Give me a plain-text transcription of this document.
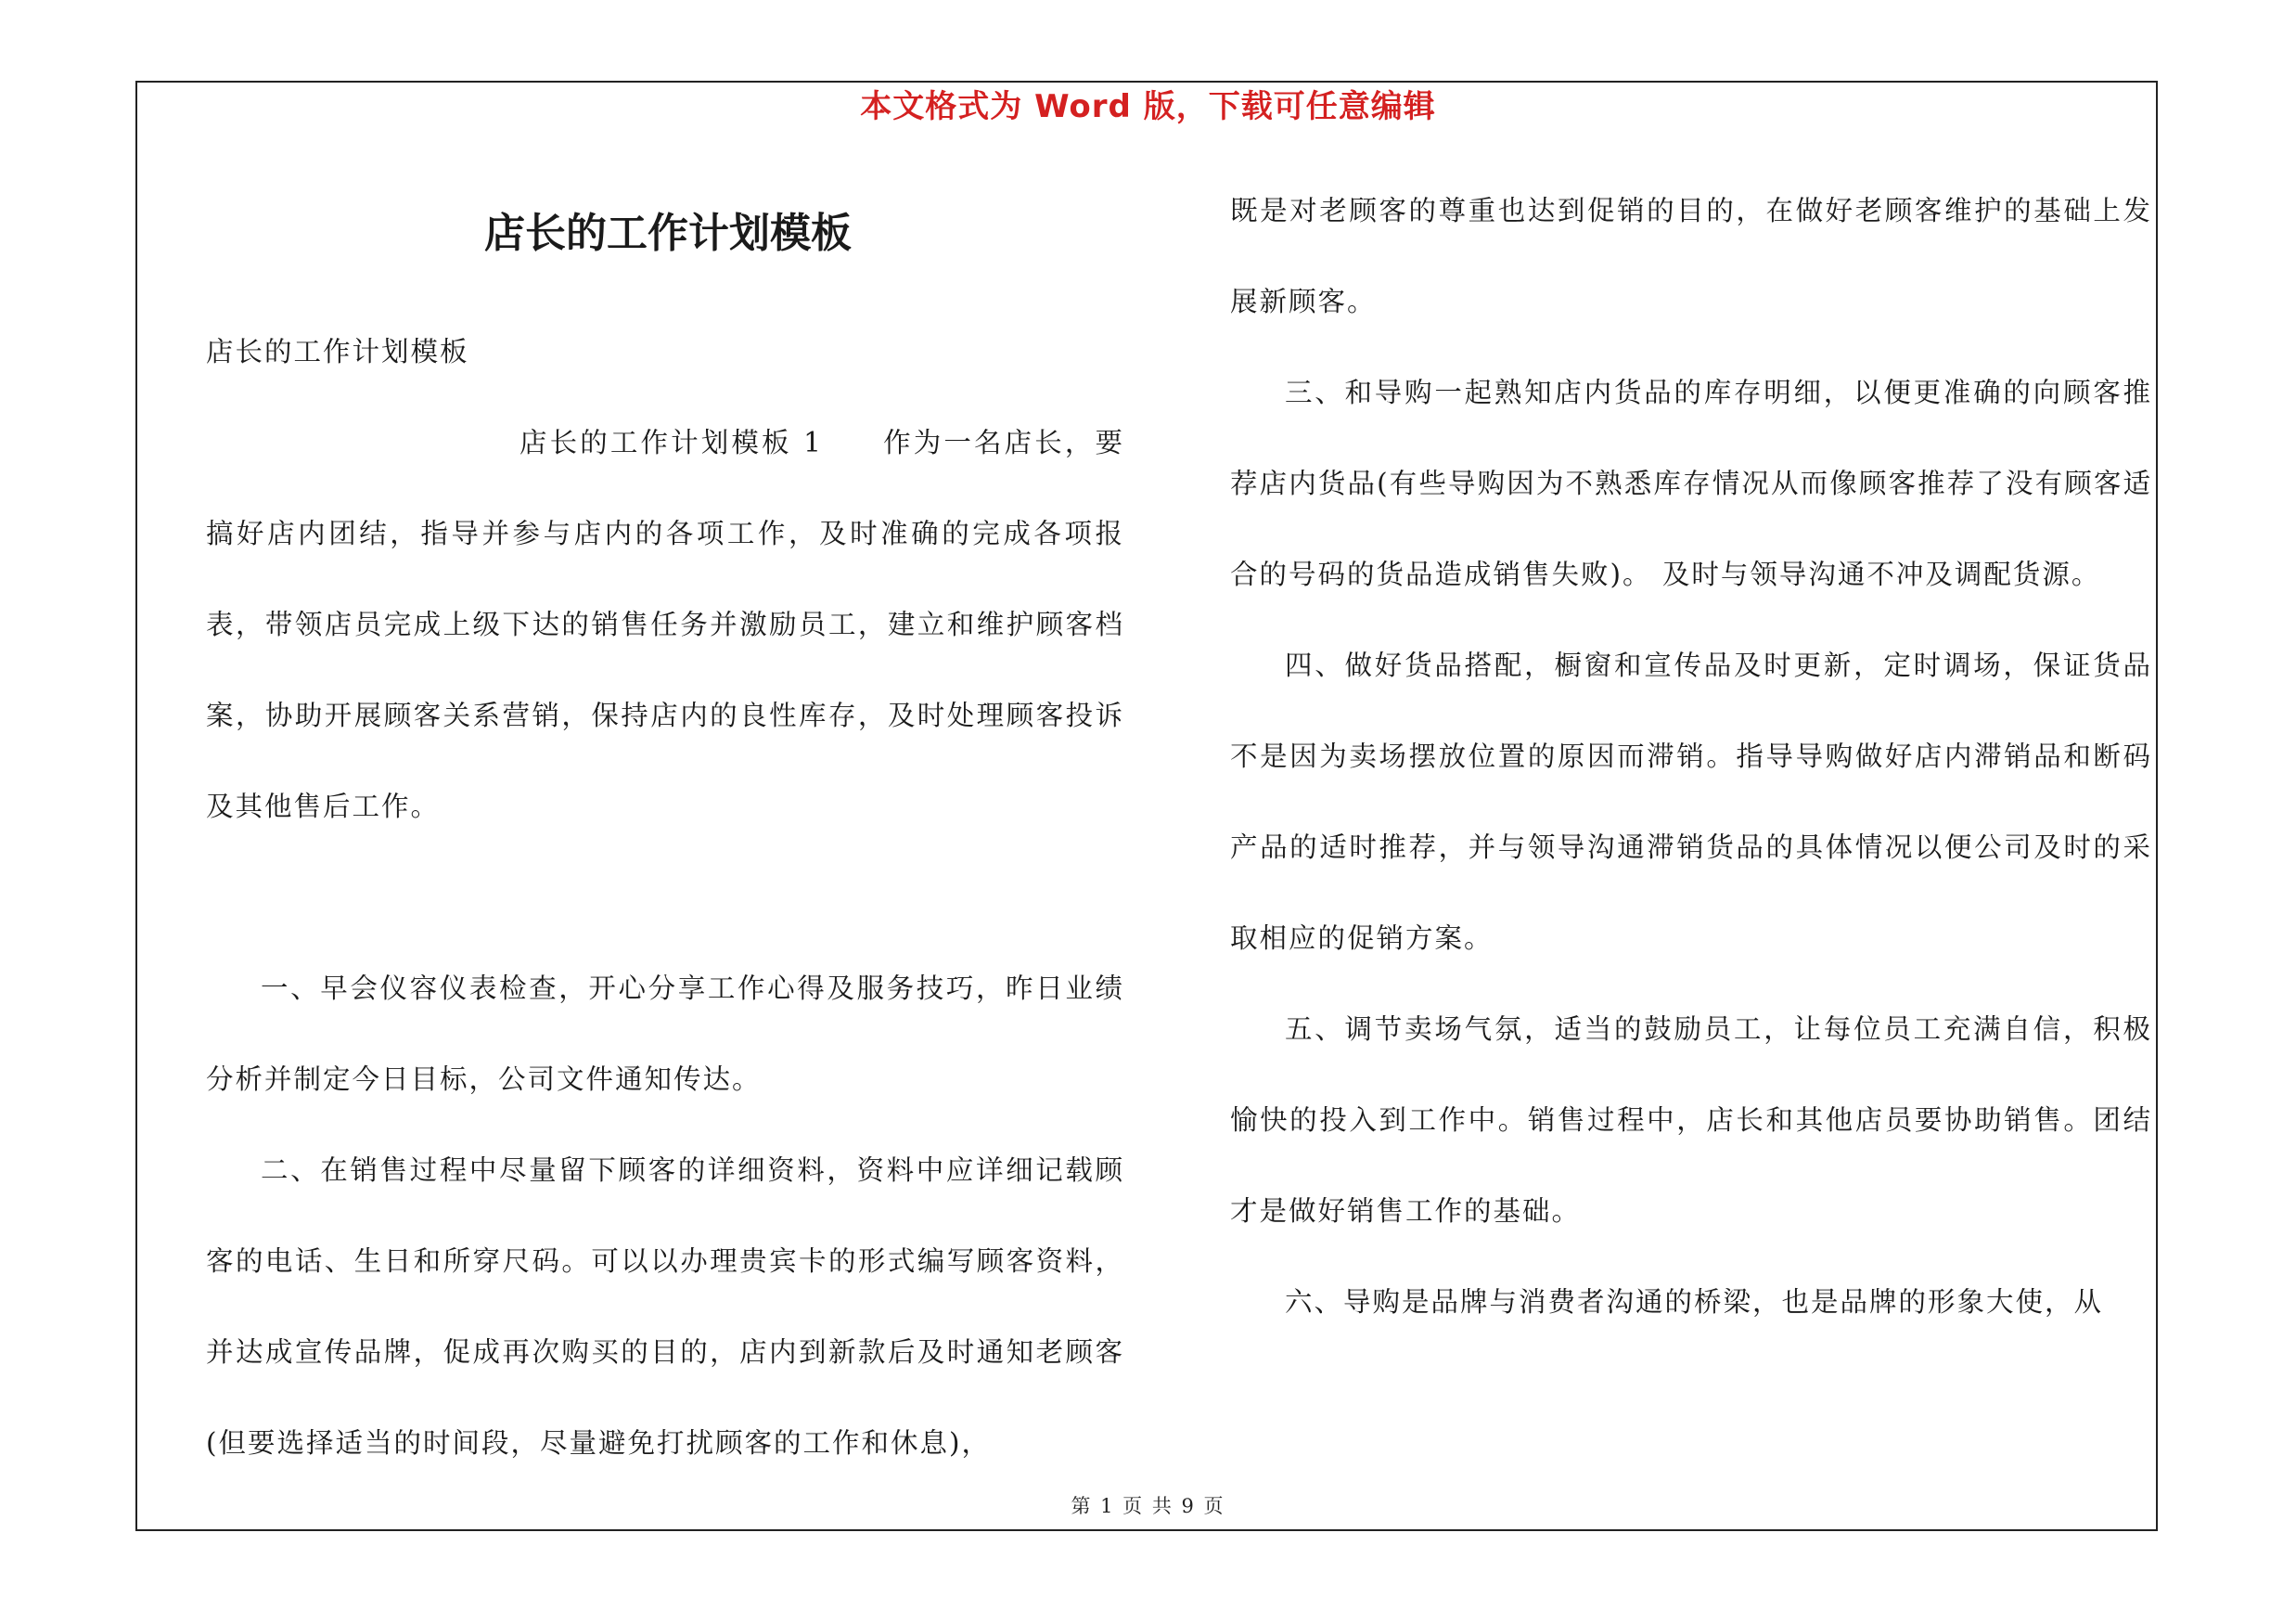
本文格式为 Word 版，下载可任意编辑
店长的工作计划模板

店长的工作计划模板

店长的工作计划模板 1 作为一名店长，要搞好店内团结，指导并参与店内的各项工作，及时准确的完成各项报表，带领店员完成上级下达的销售任务并激励员工，建立和维护顾客档案，协助开展顾客关系营销，保持店内的良性库存，及时处理顾客投诉及其他售后工作。

一、早会仪容仪表检查，开心分享工作心得及服务技巧，昨日业绩分析并制定今日目标，公司文件通知传达。

二、在销售过程中尽量留下顾客的详细资料，资料中应详细记载顾客的电话、生日和所穿尺码。可以以办理贵宾卡的形式编写顾客资料，并达成宣传品牌，促成再次购买的目的，店内到新款后及时通知老顾客(但要选择适当的时间段，尽量避免打扰顾客的工作和休息)，

既是对老顾客的尊重也达到促销的目的，在做好老顾客维护的基础上发展新顾客。

三、和导购一起熟知店内货品的库存明细，以便更准确的向顾客推荐店内货品(有些导购因为不熟悉库存情况从而像顾客推荐了没有顾客适合的号码的货品造成销售失败)。 及时与领导沟通不冲及调配货源。

四、做好货品搭配，橱窗和宣传品及时更新，定时调场，保证货品不是因为卖场摆放位置的原因而滞销。指导导购做好店内滞销品和断码产品的适时推荐，并与领导沟通滞销货品的具体情况以便公司及时的采取相应的促销方案。

五、调节卖场气氛，适当的鼓励员工，让每位员工充满自信，积极愉快的投入到工作中。销售过程中，店长和其他店员要协助销售。团结才是做好销售工作的基础。

六、导购是品牌与消费者沟通的桥梁，也是品牌的形象大使，从

第 1 页 共 9 页
